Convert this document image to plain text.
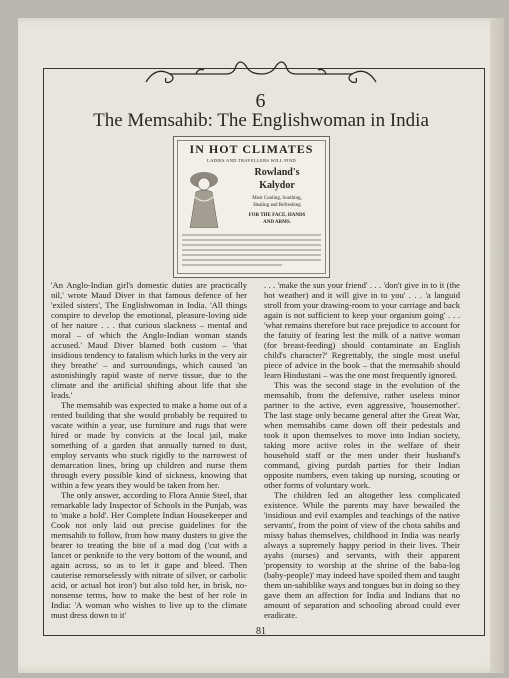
6
The Memsahib: The Englishwoman in India
IN HOT CLIMATES
LADIES AND TRAVELLERS WILL FIND
Rowland's
Kalydor
Most Cooling, Soothing,
Healing and Refreshing
FOR THE FACE, HANDS
AND ARMS.

'An Anglo-Indian girl's domestic duties are practically nil,' wrote Maud Diver in that famous defence of her 'exiled sisters', The Englishwoman in India. 'All things conspire to develop the emotional, pleasure-loving side of her nature . . . that curious slackness – mental and moral – of which the Anglo-Indian woman stands accused.' Maud Diver blamed both custom – 'that insidious tendency to fatalism which lurks in the very air they breathe' – and surroundings, which caused 'an astonishingly rapid waste of nerve tissue, due to the climate and the artificial shifting about life that she leads.'

The memsahib was expected to make a home out of a rented building that she would probably be required to vacate within a year, use furniture and rugs that were hired or made by convicts at the local jail, make something of a garden that annually turned to dust, employ servants who stuck rigidly to the narrowest of demarcation lines, bring up children and nurse them through every possible kind of sickness, knowing that within a few years they would be taken from her.

The only answer, according to Flora Annie Steel, that remarkable lady Inspector of Schools in the Punjab, was to 'make a hold'. Her Complete Indian Housekeeper and Cook not only laid out precise guidelines for the memsahib to follow, from how many dusters to give the bearer to treating the bite of a mad dog ('cut with a lancet or penknife to the very bottom of the wound, and again across, so as to let it gape and bleed. Then cauterise remorselessly with nitrate of silver, or carbolic acid, or actual hot iron') but also told her, in brisk, no-nonsense terms, how to make the best of her role in India: 'A woman who wishes to live up to the climate must dress down to it'

. . . 'make the sun your friend' . . . 'don't give in to it (the hot weather) and it will give in to you' . . . 'a languid stroll from your drawing-room to your carriage and back again is not sufficient to keep your organism going' . . . 'what remains therefore but race prejudice to account for the fatuity of fearing lest the milk of a native woman (for breast-feeding) should contaminate an English child's character?' Regrettably, the single most useful piece of advice in the book – that the memsahib should learn Hindustani – was the one most frequently ignored.

This was the second stage in the evolution of the memsahib, from the defensive, rather useless minor partner to the active, even aggressive, 'housemother'. The last stage only became general after the Great War, when memsahibs came down off their pedestals and took it upon themselves to move into Indian society, taking more active roles in the welfare of their household staff or the men under their husband's command, giving purdah parties for their Indian opposite numbers, even taking up nursing, scouting or other forms of voluntary work.

The children led an altogether less complicated existence. While the parents may have bewailed the 'insidious and evil examples and teachings of the native servants', from the point of view of the chota sahibs and missy babas themselves, childhood in India was nearly always a supremely happy period in their lives. Their ayahs (nurses) and servants, with their apparent 'propensity to worship at the shrine of the baba-log (baby-people)' may indeed have spoiled them and taught them un-sahiblike ways and tongues but in doing so they gave them an affection for India and Indians that no amount of separation and schooling abroad could ever eradicate.

81
